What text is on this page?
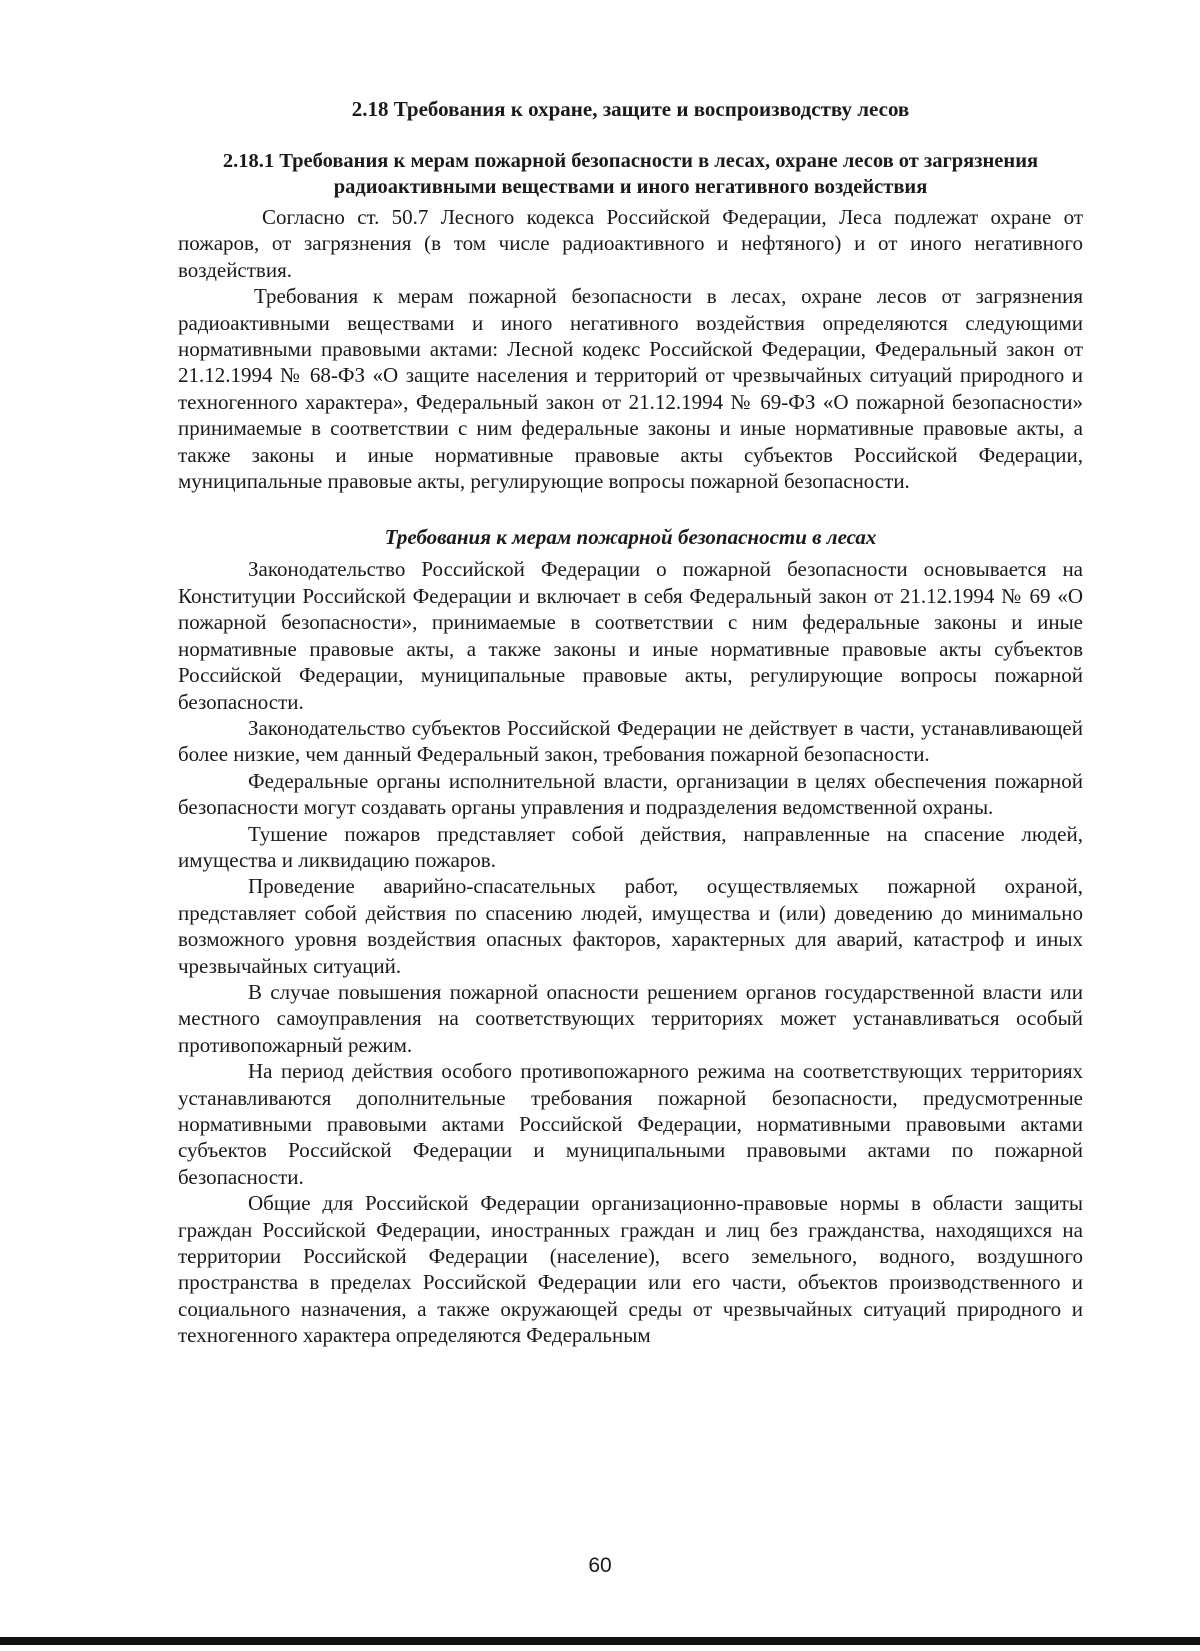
2.18 Требования к охране, защите и воспроизводству лесов
2.18.1 Требования к мерам пожарной безопасности в лесах, охране лесов от загрязнения радиоактивными веществами и иного негативного воздействия

Согласно ст. 50.7 Лесного кодекса Российской Федерации, Леса подлежат охране от пожаров, от загрязнения (в том числе радиоактивного и нефтяного) и от иного негативного воздействия.

Требования к мерам пожарной безопасности в лесах, охране лесов от загрязнения радиоактивными веществами и иного негативного воздействия определяются следующими нормативными правовыми актами: Лесной кодекс Российской Федерации, Федеральный закон от 21.12.1994 № 68-ФЗ «О защите населения и территорий от чрезвычайных ситуаций природного и техногенного характера», Федеральный закон от 21.12.1994 № 69-ФЗ «О пожарной безопасности» принимаемые в соответствии с ним федеральные законы и иные нормативные правовые акты, а также законы и иные нормативные правовые акты субъектов Российской Федерации, муниципальные правовые акты, регулирующие вопросы пожарной безопасности.

Требования к мерам пожарной безопасности в лесах

Законодательство Российской Федерации о пожарной безопасности основывается на Конституции Российской Федерации и включает в себя Федеральный закон от 21.12.1994 № 69 «О пожарной безопасности», принимаемые в соответствии с ним федеральные законы и иные нормативные правовые акты, а также законы и иные нормативные правовые акты субъектов Российской Федерации, муниципальные правовые акты, регулирующие вопросы пожарной безопасности.

Законодательство субъектов Российской Федерации не действует в части, устанавливающей более низкие, чем данный Федеральный закон, требования пожарной безопасности.

Федеральные органы исполнительной власти, организации в целях обеспечения пожарной безопасности могут создавать органы управления и подразделения ведомственной охраны.

Тушение пожаров представляет собой действия, направленные на спасение людей, имущества и ликвидацию пожаров.

Проведение аварийно-спасательных работ, осуществляемых пожарной охраной, представляет собой действия по спасению людей, имущества и (или) доведению до минимально возможного уровня воздействия опасных факторов, характерных для аварий, катастроф и иных чрезвычайных ситуаций.

В случае повышения пожарной опасности решением органов государственной власти или местного самоуправления на соответствующих территориях может устанавливаться особый противопожарный режим.

На период действия особого противопожарного режима на соответствующих территориях устанавливаются дополнительные требования пожарной безопасности, предусмотренные нормативными правовыми актами Российской Федерации, нормативными правовыми актами субъектов Российской Федерации и муниципальными правовыми актами по пожарной безопасности.

Общие для Российской Федерации организационно-правовые нормы в области защиты граждан Российской Федерации, иностранных граждан и лиц без гражданства, находящихся на территории Российской Федерации (население), всего земельного, водного, воздушного пространства в пределах Российской Федерации или его части, объектов производственного и социального назначения, а также окружающей среды от чрезвычайных ситуаций природного и техногенного характера определяются Федеральным

60
